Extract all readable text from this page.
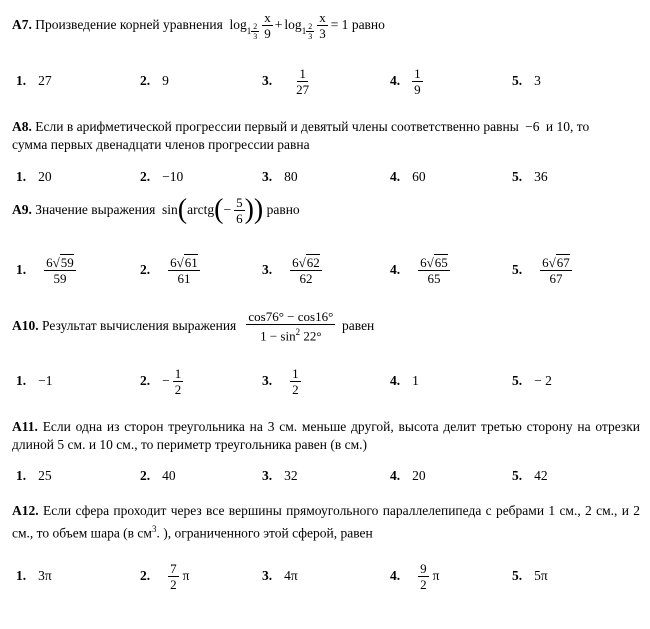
A7.
Произведение корней уравнения
$\log 1 \frac{2}{3} \frac{x}{9} + \log 1 \frac{2}{3} \frac{x}{3} = 1$
равно
1. 27	2. 9	3. $\frac{1}{27}$	4. $\frac{1}{9}$	5. 3
A8. Если в арифметической прогрессии первый и девятый члены соответственно равны −6 и 10, то
сумма первых двенадцати членов прогрессии равна
1. 20	2. −10	3. 80	4. 60	5. 36
A9.
Значение выражения
sin ( arctg ( − $\frac{5}{6}$ ) )
равно
1. $\frac{6√59}{59}$	2. $\frac{6√61}{61}$	3. $\frac{6√62}{62}$	4. $\frac{6√65}{65}$	5. $\frac{6√67}{67}$
A10.
Результат вычисления выражения
$\frac{\cos 76^\circ - \cos 16^\circ}{1 - \sin^2 22^\circ}$
равен
1. −1	2. − $\frac{1}{2}$	3. $\frac{1}{2}$	4. 1	5. − 2
A11. Если одна из сторон треугольника на 3 см. меньше другой, высота делит третью сторону на отрезки длиной 5 см. и 10 см., то периметр треугольника равен (в см.)
1. 25	2. 40	3. 32	4. 20	5. 42
A12. Если сфера проходит через все вершины прямоугольного параллелепипеда с ребрами 1 см., 2 см., и 2 см., то объем шара (в $см^3$. ), ограниченного этой сферой, равен
1. 3π	2. $\frac{7}{2}$ π	3. 4π	4. $\frac{9}{2}$ π	5. 5π
